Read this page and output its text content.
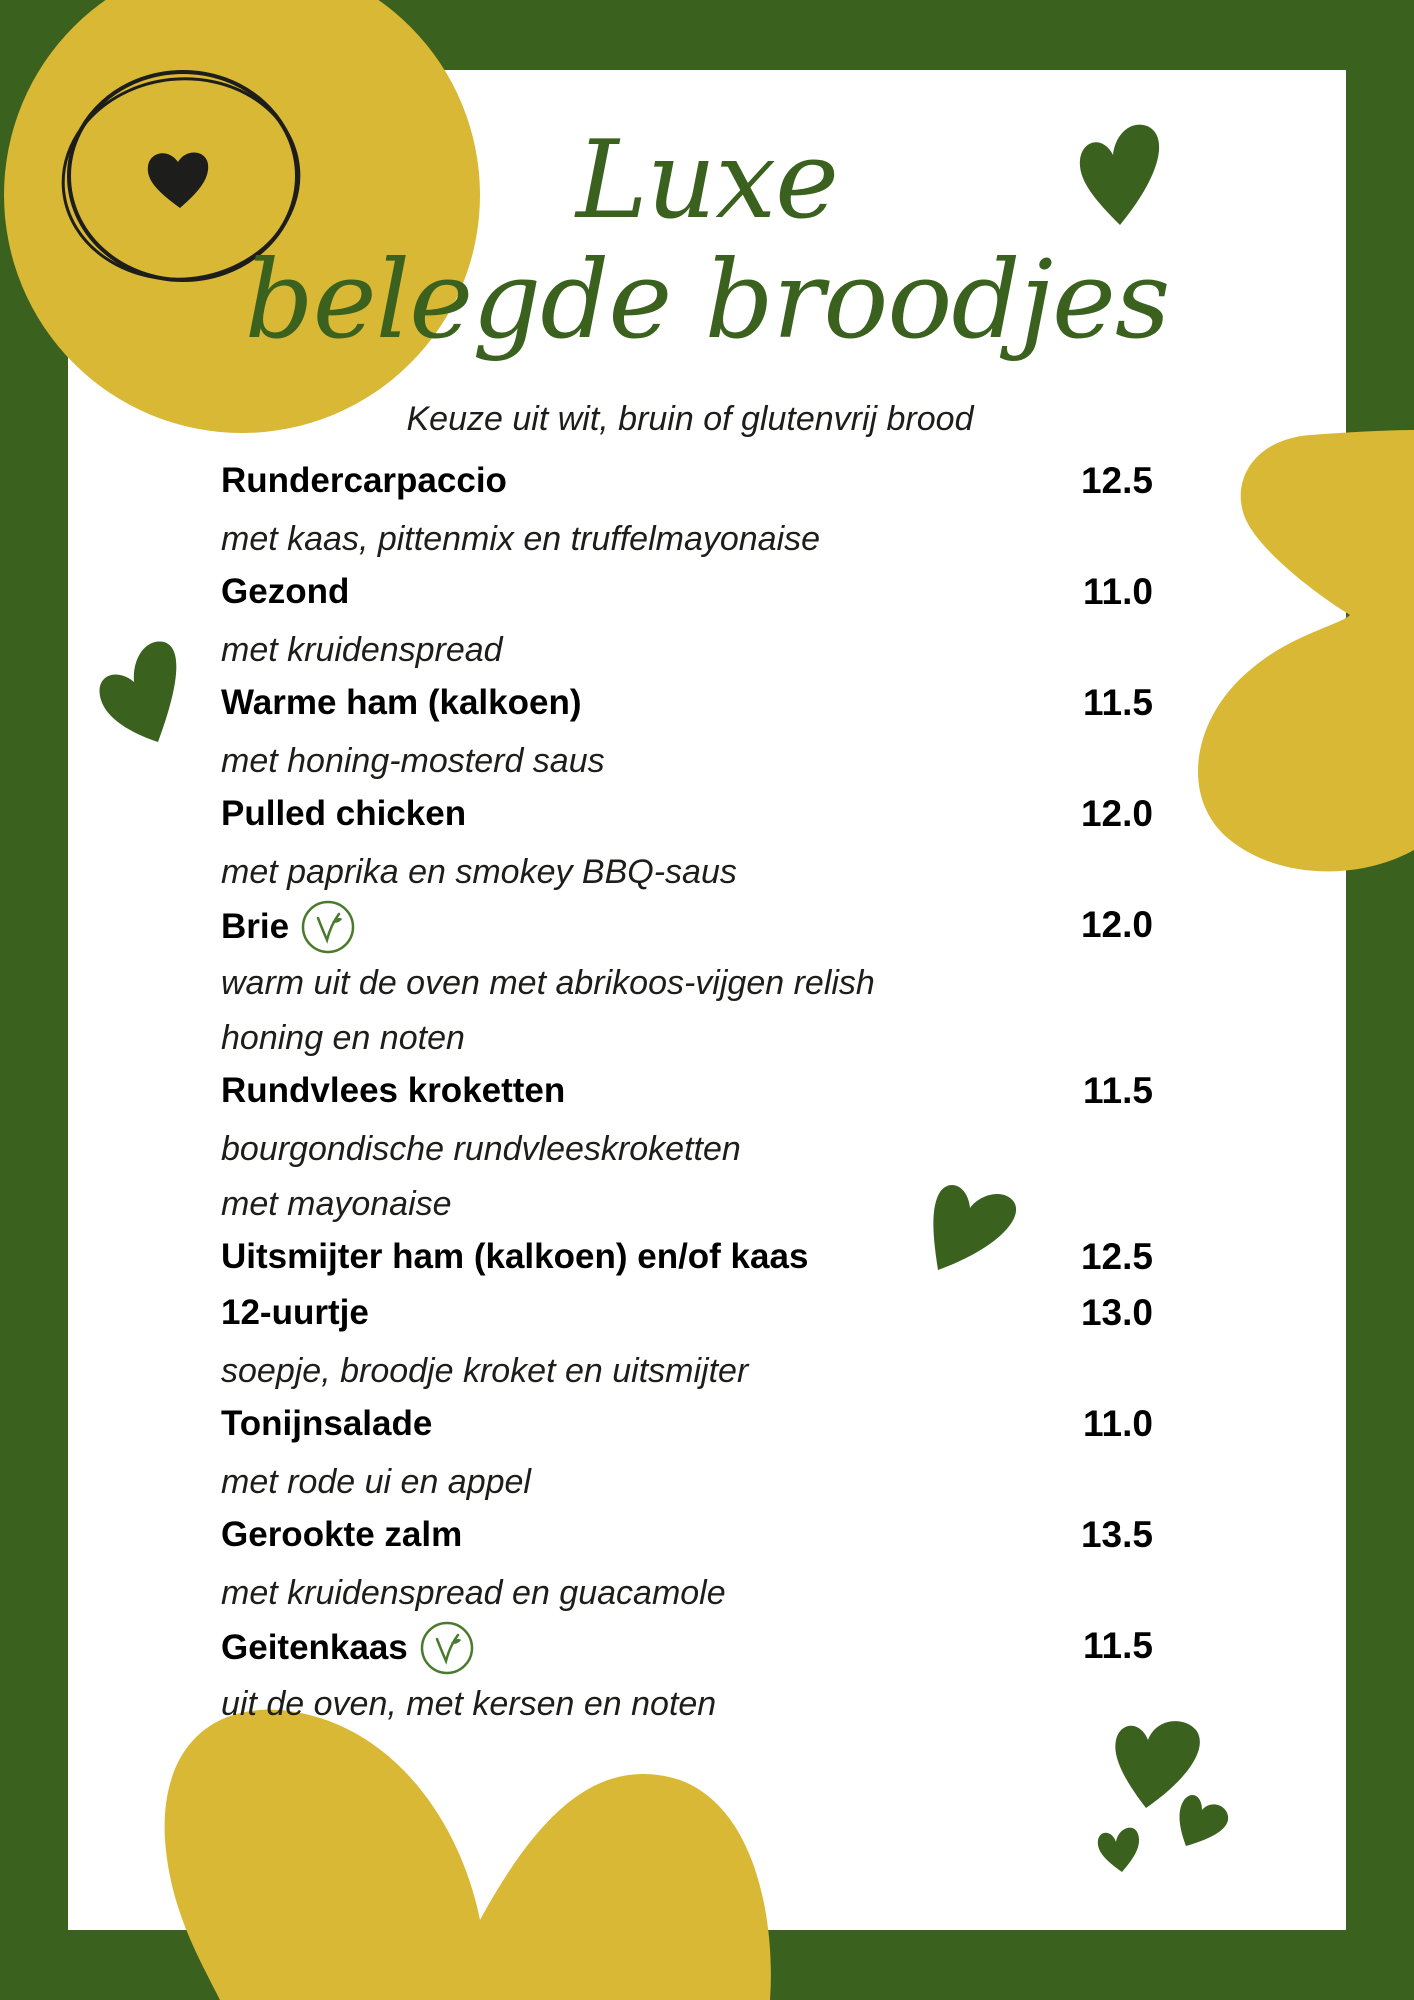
Luxe
belegde broodjes
Keuze uit wit, bruin of glutenvrij brood
Rundercarpaccio	12.5
met kaas, pittenmix en truffelmayonaise
Gezond	11.0
met kruidenspread
Warme ham (kalkoen)	11.5
met honing-mosterd saus
Pulled chicken	12.0
met paprika en smokey BBQ-saus
Brie	12.0
warm uit de oven met abrikoos-vijgen relish
honing en noten
Rundvlees kroketten	11.5
bourgondische rundvleeskroketten
met mayonaise
Uitsmijter ham (kalkoen) en/of kaas	12.5
12-uurtje	13.0
soepje, broodje kroket en uitsmijter
Tonijnsalade	11.0
met rode ui en appel
Gerookte zalm	13.5
met kruidenspread en guacamole
Geitenkaas	11.5
uit de oven, met kersen en noten
